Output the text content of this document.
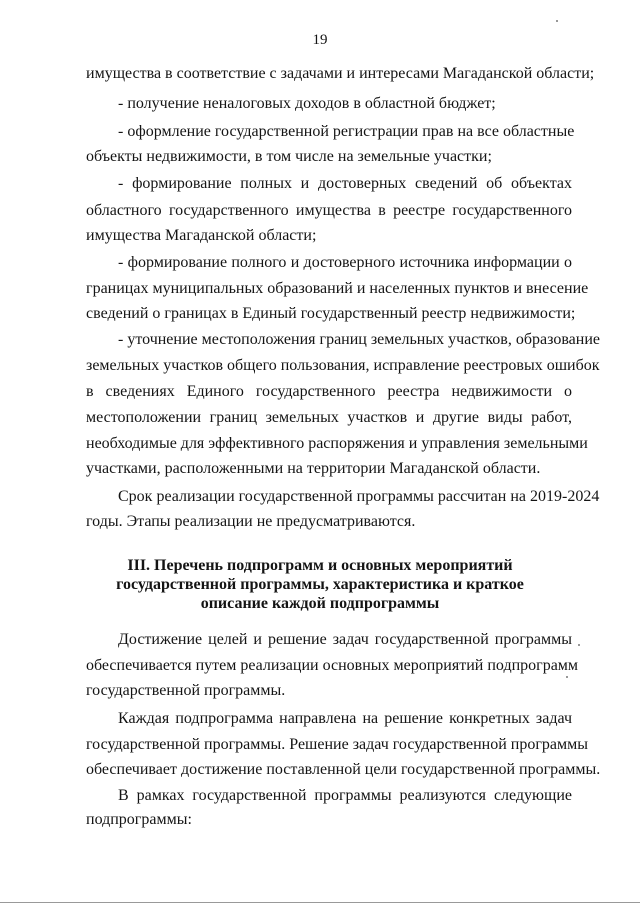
19
имущества в соответствие с задачами и интересами Магаданской области;
- получение неналоговых доходов в областной бюджет;
- оформление государственной регистрации прав на все областные
объекты недвижимости, в том числе на земельные участки;
- формирование полных и достоверных сведений об объектах
областного государственного имущества в реестре государственного
имущества Магаданской области;
- формирование полного и достоверного источника информации о
границах муниципальных образований и населенных пунктов и внесение
сведений о границах в Единый государственный реестр недвижимости;
- уточнение местоположения границ земельных участков, образование
земельных участков общего пользования, исправление реестровых ошибок
в сведениях Единого государственного реестра недвижимости о
местоположении границ земельных участков и другие виды работ,
необходимые для эффективного распоряжения и управления земельными
участками, расположенными на территории Магаданской области.
Срок реализации государственной программы рассчитан на 2019-2024
годы. Этапы реализации не предусматриваются.
III. Перечень подпрограмм и основных мероприятий
государственной программы, характеристика и краткое
описание каждой подпрограммы
Достижение целей и решение задач государственной программы
обеспечивается путем реализации основных мероприятий подпрограмм
государственной программы.
Каждая подпрограмма направлена на решение конкретных задач
государственной программы. Решение задач государственной программы
обеспечивает достижение поставленной цели государственной программы.
В рамках государственной программы реализуются следующие
подпрограммы:
